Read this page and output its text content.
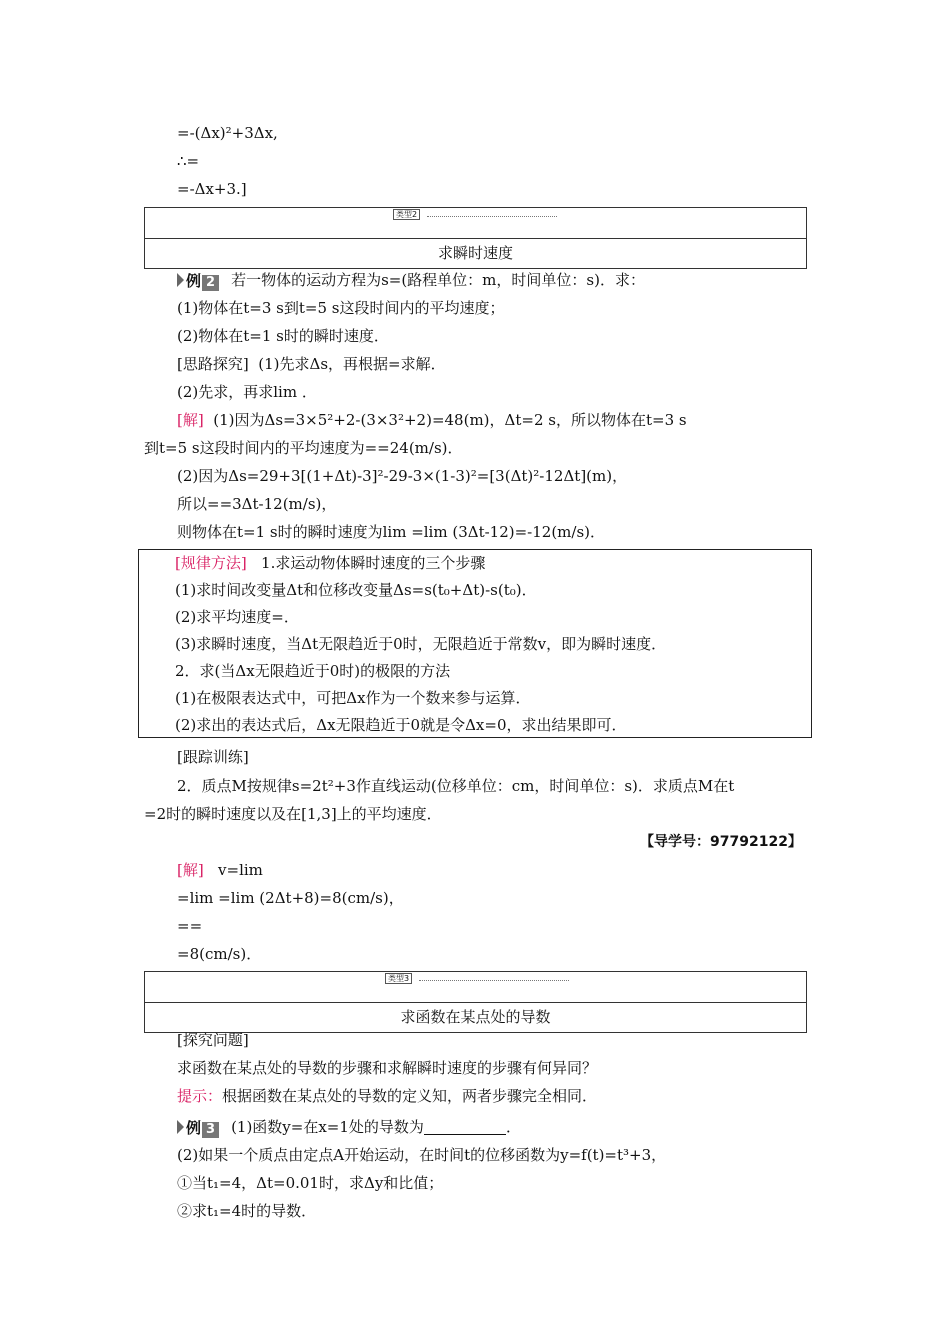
=-(Δx)²+3Δx,
∴=
=-Δx+3.]
类型2
求瞬时速度
例 2 若一物体的运动方程为s=(路程单位：m，时间单位：s)．求：
(1)物体在t=3 s到t=5 s这段时间内的平均速度；
(2)物体在t=1 s时的瞬时速度．
[思路探究] (1)先求Δs，再根据=求解．
(2)先求，再求lim ．
[解] (1)因为Δs=3×5²+2-(3×3²+2)=48(m)，Δt=2 s，所以物体在t=3 s
到t=5 s这段时间内的平均速度为==24(m/s)．
(2)因为Δs=29+3[(1+Δt)-3]²-29-3×(1-3)²=[3(Δt)²-12Δt](m)，
所以==3Δt-12(m/s)，
则物体在t=1 s时的瞬时速度为lim =lim (3Δt-12)=-12(m/s)．
[规律方法] 1.求运动物体瞬时速度的三个步骤
(1)求时间改变量Δt和位移改变量Δs=s(t₀+Δt)-s(t₀)．
(2)求平均速度=．
(3)求瞬时速度，当Δt无限趋近于0时，无限趋近于常数v，即为瞬时速度．
2．求(当Δx无限趋近于0时)的极限的方法
(1)在极限表达式中，可把Δx作为一个数来参与运算．
(2)求出的表达式后，Δx无限趋近于0就是令Δx=0，求出结果即可．
[跟踪训练]
2．质点M按规律s=2t²+3作直线运动(位移单位：cm，时间单位：s)．求质点M在t
=2时的瞬时速度以及在[1,3]上的平均速度．
【导学号：97792122】
[解] v=lim
=lim =lim (2Δt+8)=8(cm/s)，
==
=8(cm/s)．
类型3
求函数在某点处的导数
[探究问题]
求函数在某点处的导数的步骤和求解瞬时速度的步骤有何异同？
提示：根据函数在某点处的导数的定义知，两者步骤完全相同．
例 3 (1)函数y=在x=1处的导数为	．
(2)如果一个质点由定点A开始运动，在时间t的位移函数为y=f(t)=t³+3，
①当t₁=4，Δt=0.01时，求Δy和比值；
②求t₁=4时的导数．
